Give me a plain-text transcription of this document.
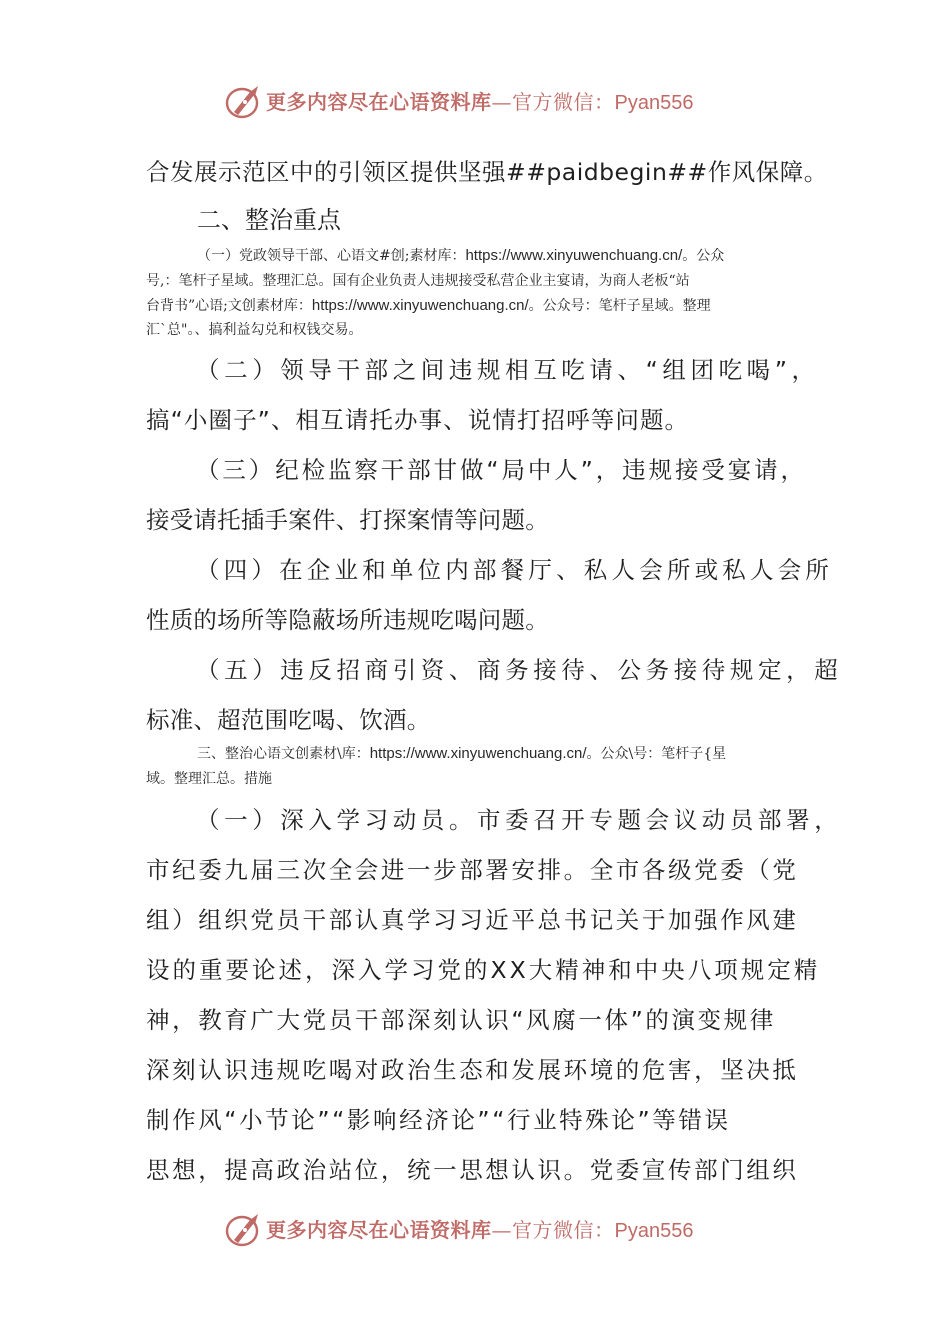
更多内容尽在心语资料库—官方微信：Pyan556
合发展示范区中的引领区提供坚强##paidbegin##作风保障。
二、整治重点
（一）党政领导干部、心语文#创;素材库：https://www.xinyuwenchuang.cn/。公众
号,：笔杆子星域。整理汇总。国有企业负责人违规接受私营企业主宴请，为商人老板“站
台背书”心语;文创素材库：https://www.xinyuwenchuang.cn/。公众号：笔杆子星域。整理
汇`总"。、搞利益勾兑和权钱交易。
（二）领导干部之间违规相互吃请、“组团吃喝”，
搞“小圈子”、相互请托办事、说情打招呼等问题。
（三）纪检监察干部甘做“局中人”，违规接受宴请，
接受请托插手案件、打探案情等问题。
（四）在企业和单位内部餐厅、私人会所或私人会所
性质的场所等隐蔽场所违规吃喝问题。
（五）违反招商引资、商务接待、公务接待规定，超
标准、超范围吃喝、饮酒。
三、整治心语文创素材\库：https://www.xinyuwenchuang.cn/。公众\号：笔杆子{星
域。整理汇总。措施
（一）深入学习动员。市委召开专题会议动员部署，
市纪委九届三次全会进一步部署安排。全市各级党委（党
组）组织党员干部认真学习习近平总书记关于加强作风建
设的重要论述，深入学习党的XX大精神和中央八项规定精
神，教育广大党员干部深刻认识“风腐一体”的演变规律
深刻认识违规吃喝对政治生态和发展环境的危害，坚决抵
制作风“小节论”“影响经济论”“行业特殊论”等错误
思想，提高政治站位，统一思想认识。党委宣传部门组织
更多内容尽在心语资料库—官方微信：Pyan556
